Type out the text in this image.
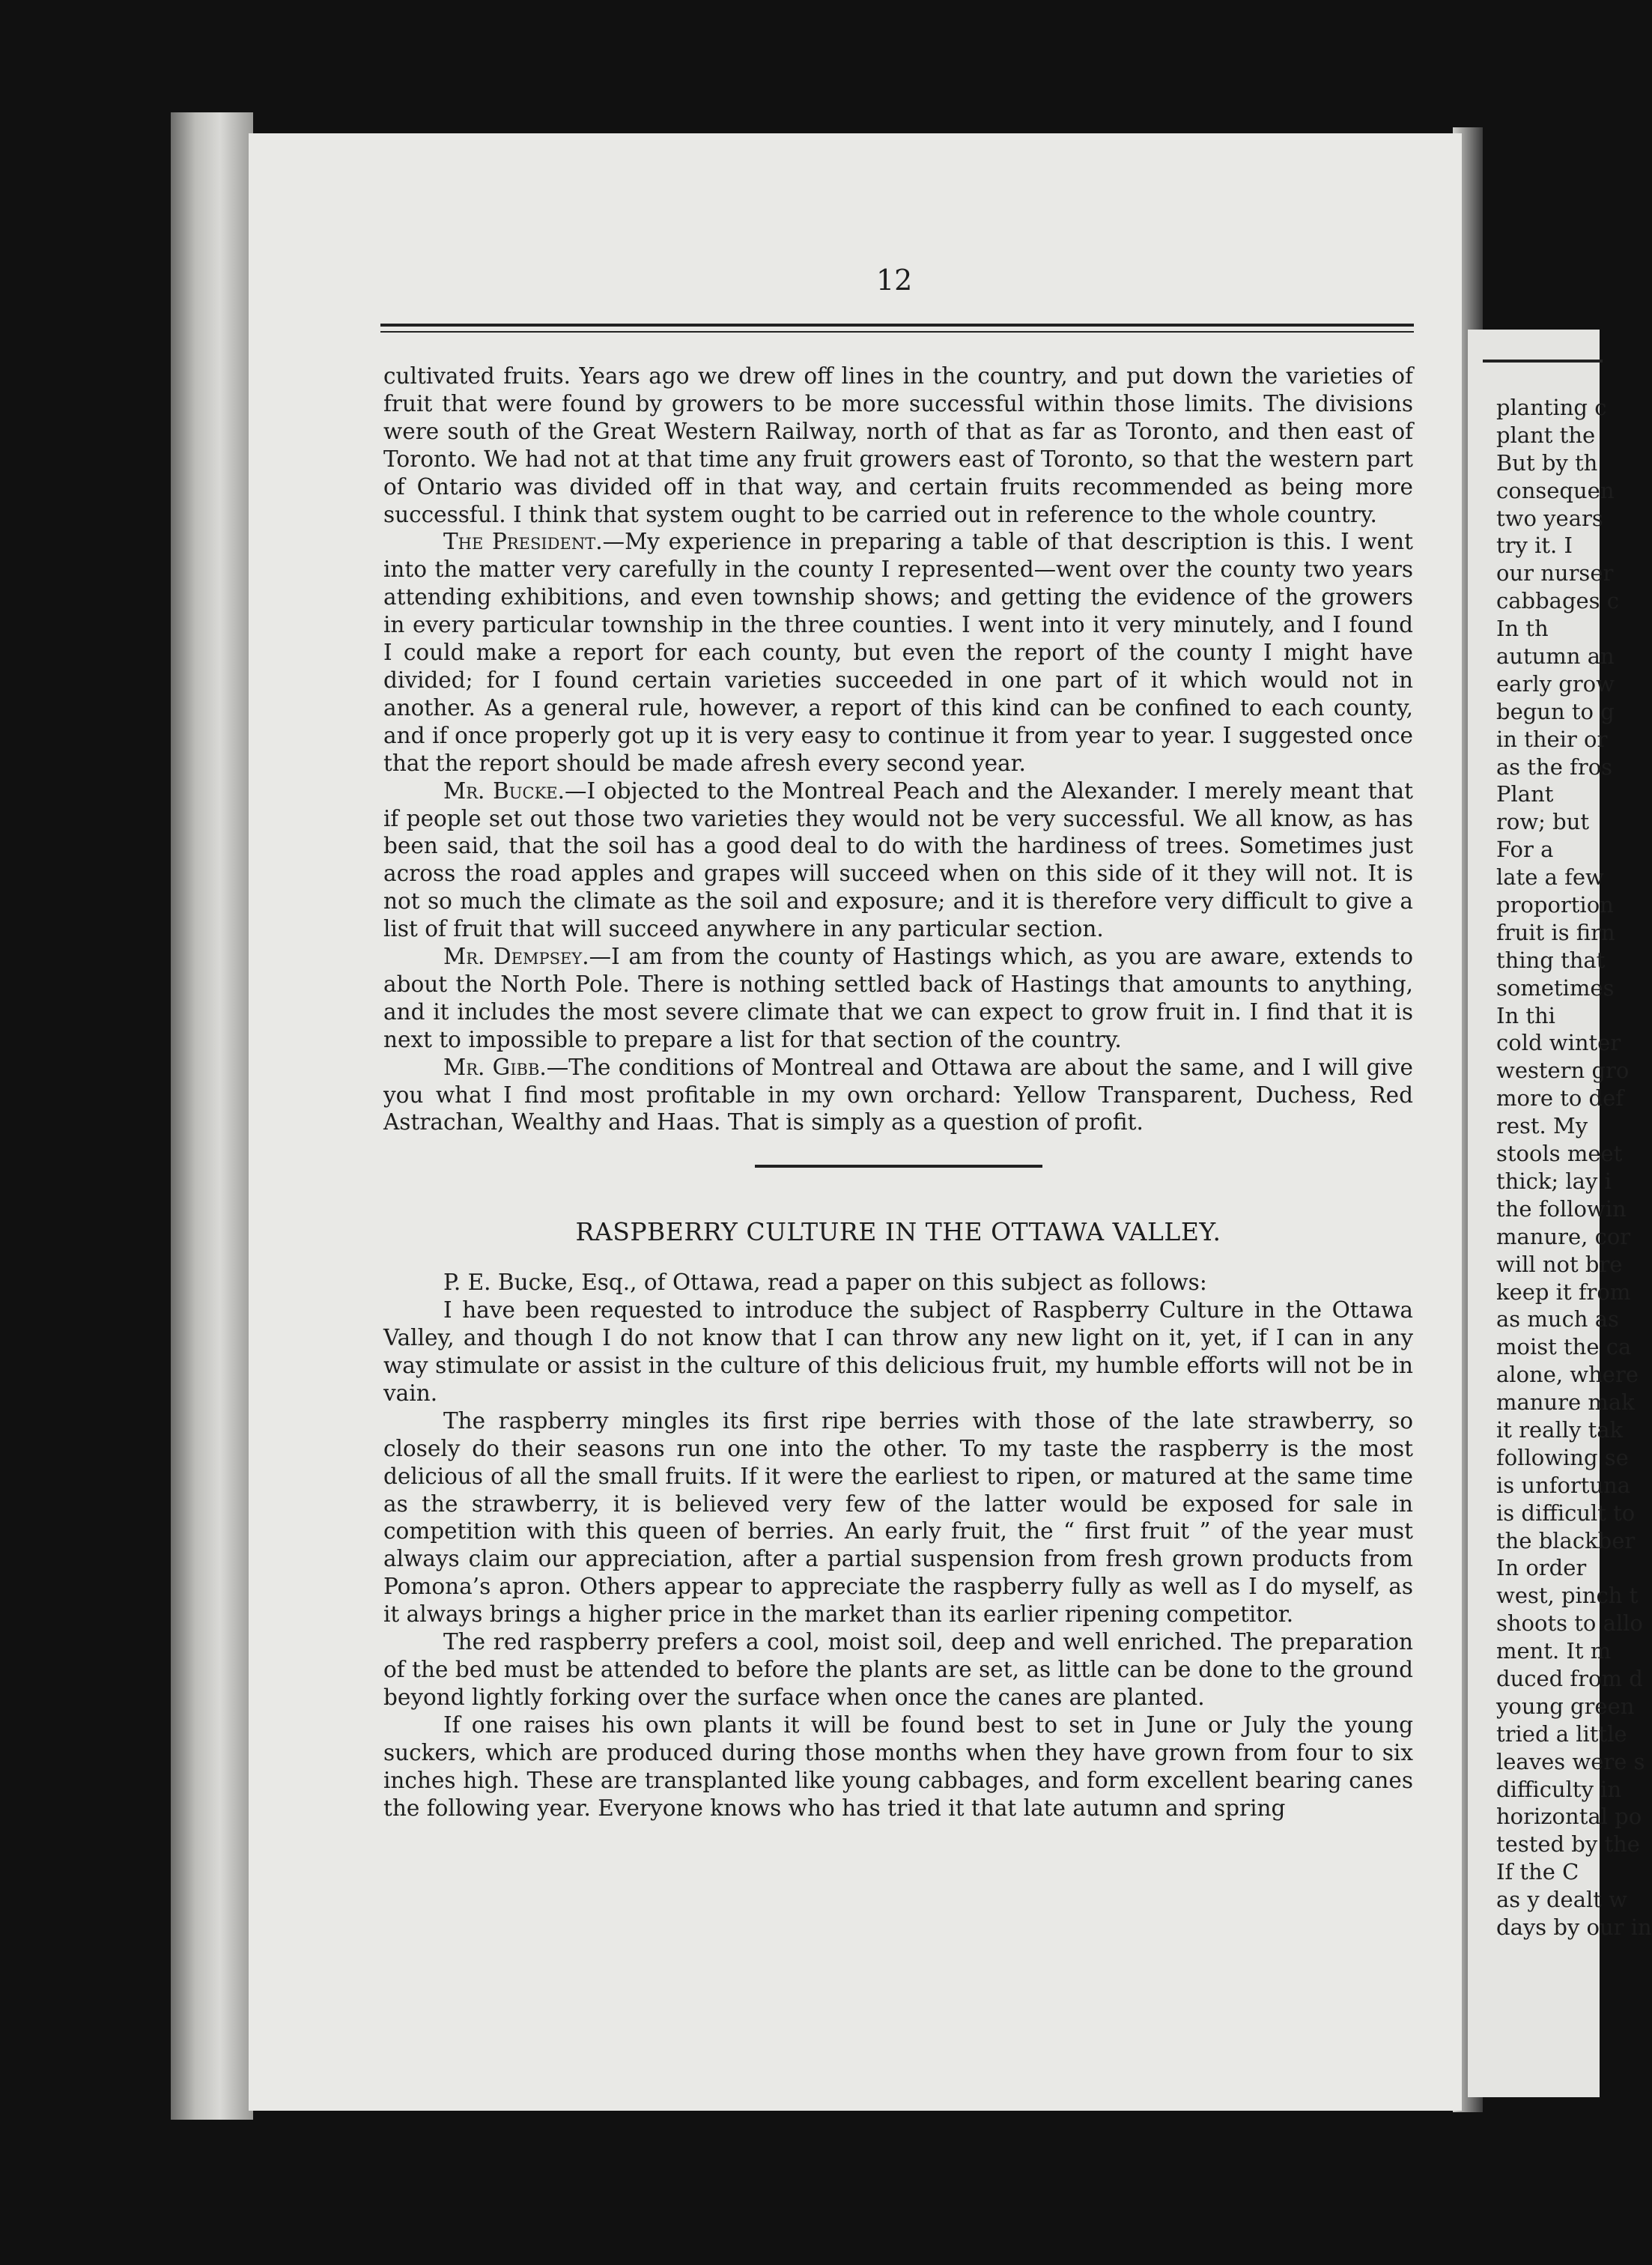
planting c
plant the
But by th
consequen
two years
try it. I
our nurser
cabbages c
In th
autumn an
early grow
begun to g
in their or
as the fros
Plant
row; but
For a
late a few
proportion
fruit is firn
thing that
sometimes
In thi
cold winter
western gro
more to def
rest. My
stools meet
thick; lay i
the followin
manure, cor
will not bre
keep it from
as much as
moist the ca
alone, where
manure mak
it really tak
following se
is unfortuna
is difficult to
the blackber
In order
west, pinch t
shoots to allo
ment. It m
duced from d
young green
tried a little
leaves were s
difficulty in
horizontal po
tested by the
If the C
as y dealt w
days by our in
12

cultivated fruits. Years ago we drew off lines in the country, and put down the varieties of fruit that were found by growers to be more successful within those limits. The divisions were south of the Great Western Railway, north of that as far as Toronto, and then east of Toronto. We had not at that time any fruit growers east of Toronto, so that the western part of Ontario was divided off in that way, and certain fruits recommended as being more successful. I think that system ought to be carried out in reference to the whole country.

The President.—My experience in preparing a table of that description is this. I went into the matter very carefully in the county I represented—went over the county two years attending exhibitions, and even township shows; and getting the evidence of the growers in every particular township in the three counties. I went into it very minutely, and I found I could make a report for each county, but even the report of the county I might have divided; for I found certain varieties succeeded in one part of it which would not in another. As a general rule, however, a report of this kind can be confined to each county, and if once properly got up it is very easy to continue it from year to year. I suggested once that the report should be made afresh every second year.

Mr. Bucke.—I objected to the Montreal Peach and the Alexander. I merely meant that if people set out those two varieties they would not be very successful. We all know, as has been said, that the soil has a good deal to do with the hardiness of trees. Sometimes just across the road apples and grapes will succeed when on this side of it they will not. It is not so much the climate as the soil and exposure; and it is therefore very difficult to give a list of fruit that will succeed anywhere in any particular section.

Mr. Dempsey.—I am from the county of Hastings which, as you are aware, extends to about the North Pole. There is nothing settled back of Hastings that amounts to anything, and it includes the most severe climate that we can expect to grow fruit in. I find that it is next to impossible to prepare a list for that section of the country.

Mr. Gibb.—The conditions of Montreal and Ottawa are about the same, and I will give you what I find most profitable in my own orchard: Yellow Transparent, Duchess, Red Astrachan, Wealthy and Haas. That is simply as a question of profit.

RASPBERRY CULTURE IN THE OTTAWA VALLEY.

P. E. Bucke, Esq., of Ottawa, read a paper on this subject as follows:

I have been requested to introduce the subject of Raspberry Culture in the Ottawa Valley, and though I do not know that I can throw any new light on it, yet, if I can in any way stimulate or assist in the culture of this delicious fruit, my humble efforts will not be in vain.

The raspberry mingles its first ripe berries with those of the late strawberry, so closely do their seasons run one into the other. To my taste the raspberry is the most delicious of all the small fruits. If it were the earliest to ripen, or matured at the same time as the strawberry, it is believed very few of the latter would be exposed for sale in competition with this queen of berries. An early fruit, the “ first fruit ” of the year must always claim our appreciation, after a partial suspension from fresh grown products from Pomona’s apron. Others appear to appreciate the raspberry fully as well as I do myself, as it always brings a higher price in the market than its earlier ripening competitor.

The red raspberry prefers a cool, moist soil, deep and well enriched. The preparation of the bed must be attended to before the plants are set, as little can be done to the ground beyond lightly forking over the surface when once the canes are planted.

If one raises his own plants it will be found best to set in June or July the young suckers, which are produced during those months when they have grown from four to six inches high. These are transplanted like young cabbages, and form excellent bearing canes the following year. Everyone knows who has tried it that late autumn and spring
